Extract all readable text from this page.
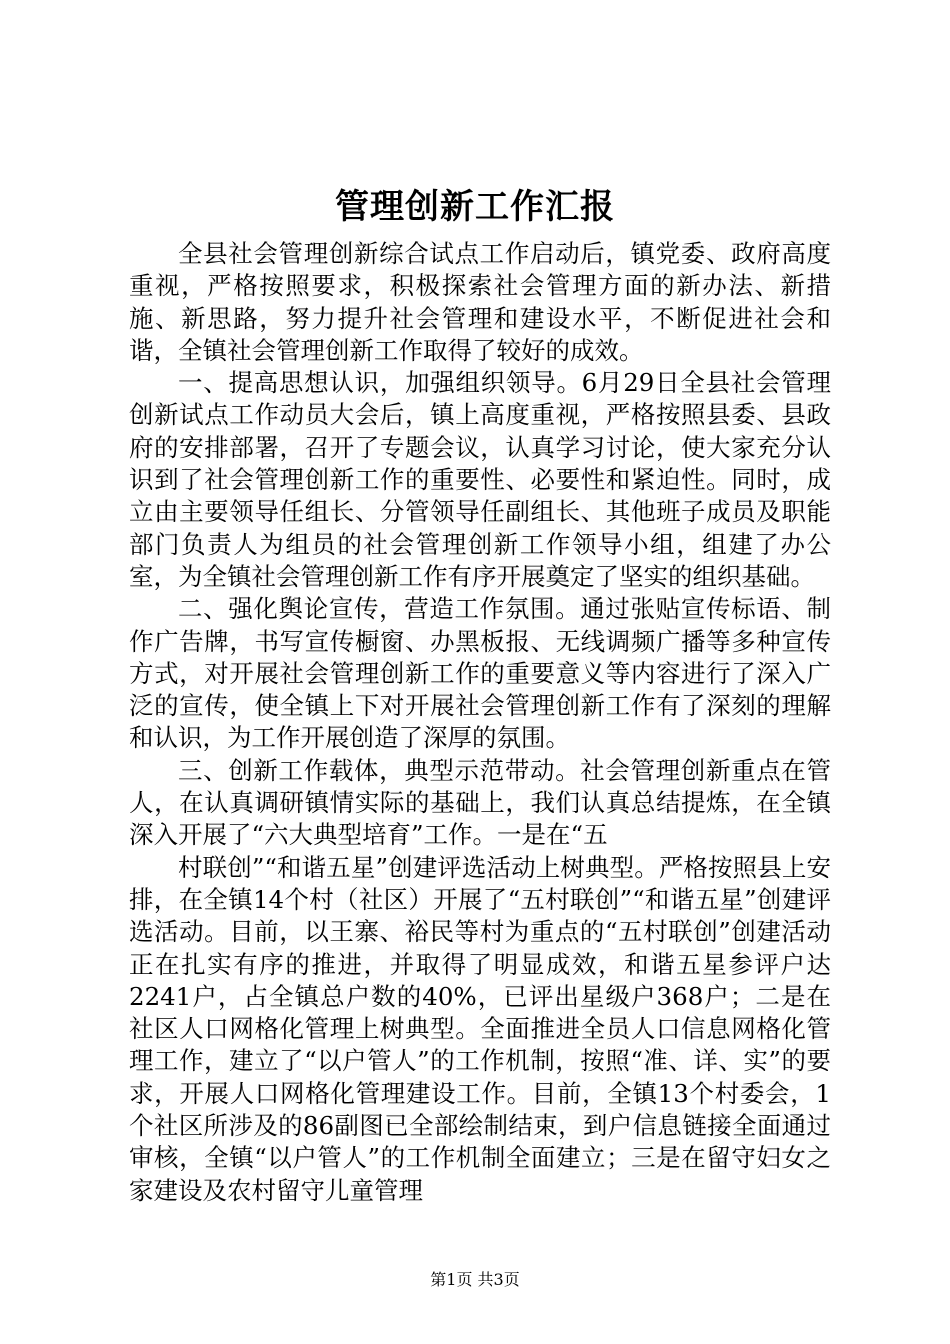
管理创新工作汇报

全县社会管理创新综合试点工作启动后，镇党委、政府高度重视，严格按照要求，积极探索社会管理方面的新办法、新措施、新思路，努力提升社会管理和建设水平，不断促进社会和谐，全镇社会管理创新工作取得了较好的成效。

一、提高思想认识，加强组织领导。6月29日全县社会管理创新试点工作动员大会后，镇上高度重视，严格按照县委、县政府的安排部署，召开了专题会议，认真学习讨论，使大家充分认识到了社会管理创新工作的重要性、必要性和紧迫性。同时，成立由主要领导任组长、分管领导任副组长、其他班子成员及职能部门负责人为组员的社会管理创新工作领导小组，组建了办公室，为全镇社会管理创新工作有序开展奠定了坚实的组织基础。

二、强化舆论宣传，营造工作氛围。通过张贴宣传标语、制作广告牌，书写宣传橱窗、办黑板报、无线调频广播等多种宣传方式，对开展社会管理创新工作的重要意义等内容进行了深入广泛的宣传，使全镇上下对开展社会管理创新工作有了深刻的理解和认识，为工作开展创造了深厚的氛围。

三、创新工作载体，典型示范带动。社会管理创新重点在管人，在认真调研镇情实际的基础上，我们认真总结提炼，在全镇深入开展了“六大典型培育”工作。一是在“五

村联创”“和谐五星”创建评选活动上树典型。严格按照县上安排，在全镇14个村（社区）开展了“五村联创”“和谐五星”创建评选活动。目前，以王寨、裕民等村为重点的“五村联创”创建活动正在扎实有序的推进，并取得了明显成效，和谐五星参评户达2241户，占全镇总户数的40%，已评出星级户368户；二是在社区人口网格化管理上树典型。全面推进全员人口信息网格化管理工作，建立了“以户管人”的工作机制，按照“准、详、实”的要求，开展人口网格化管理建设工作。目前，全镇13个村委会，1个社区所涉及的86副图已全部绘制结束，到户信息链接全面通过审核，全镇“以户管人”的工作机制全面建立；三是在留守妇女之家建设及农村留守儿童管理

第1页 共3页
